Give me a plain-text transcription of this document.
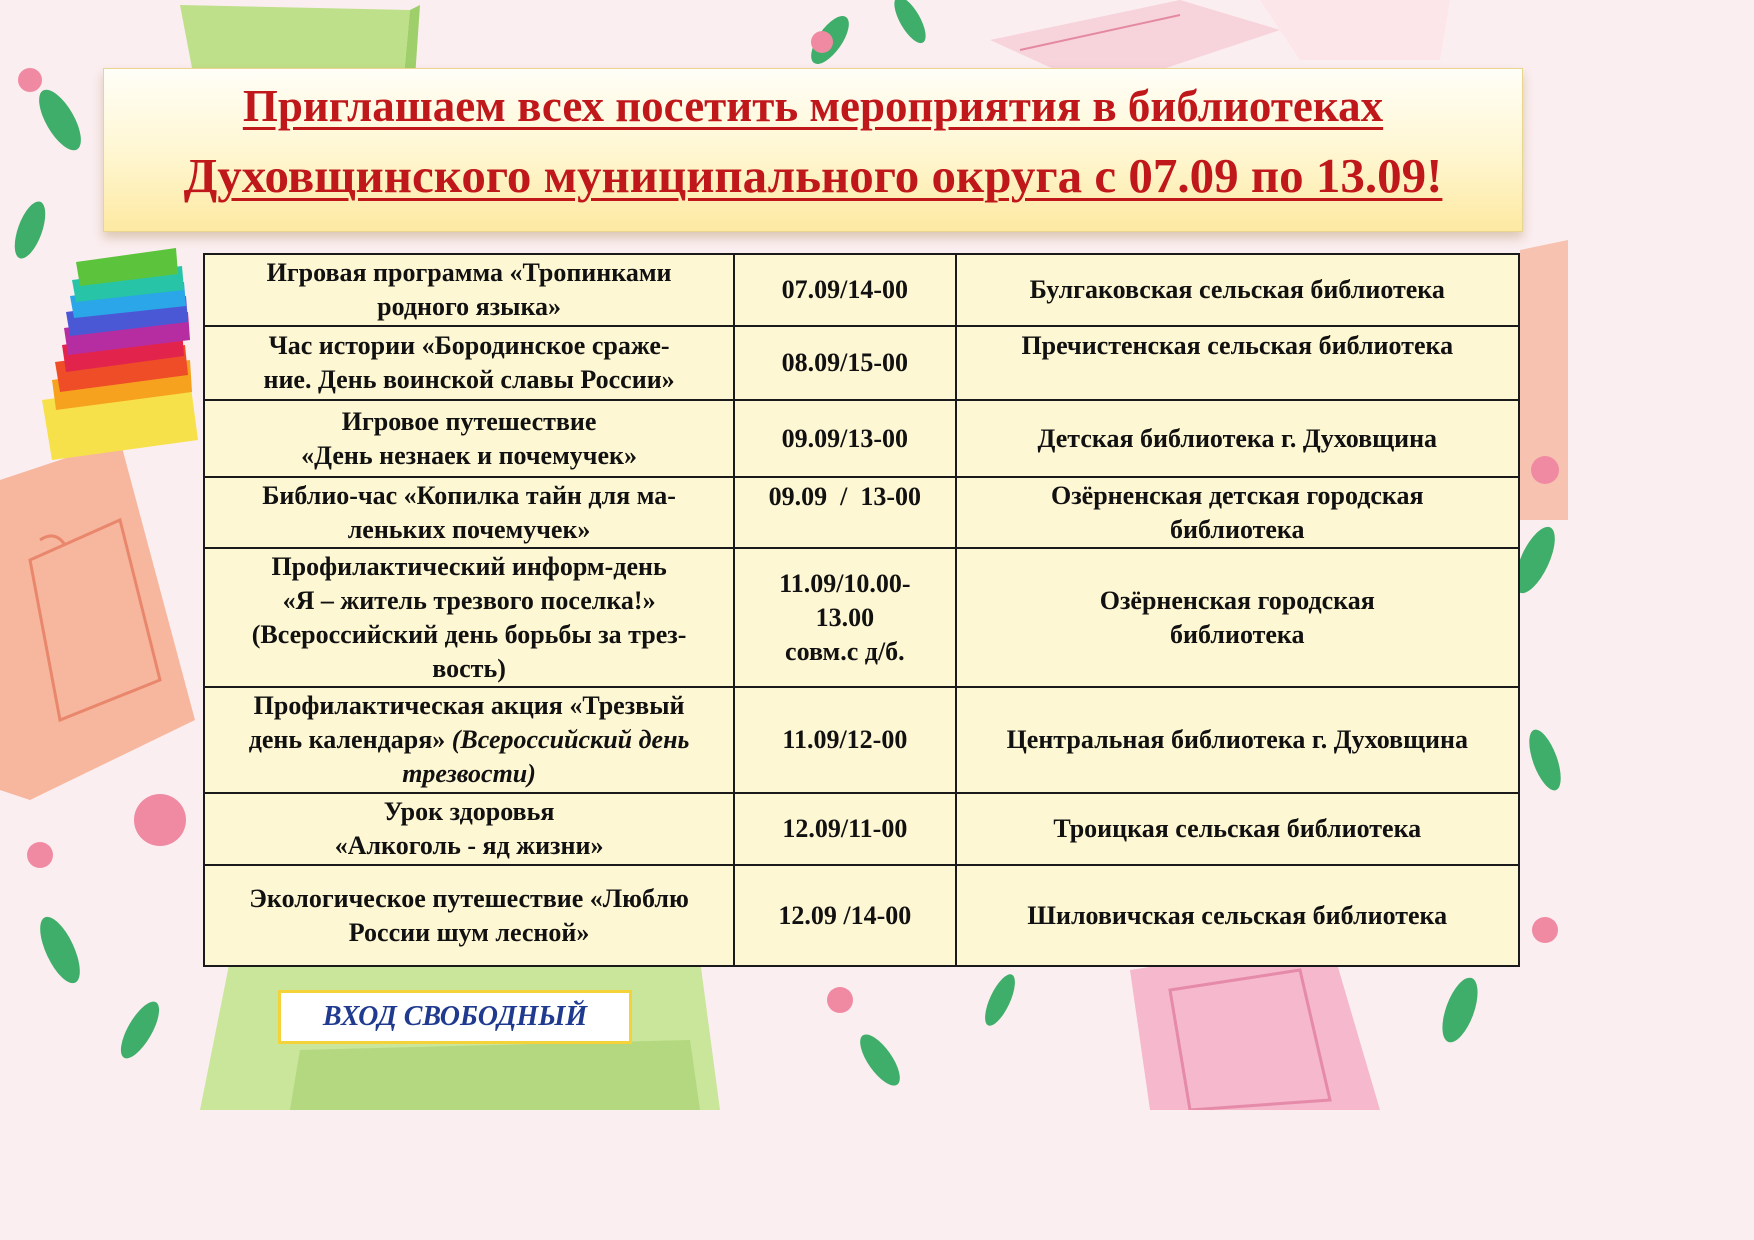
Приглашаем всех посетить мероприятия в библиотеках
Духовщинского муниципального округа с 07.09 по 13.09!
Игровая программа «Тропинками
родного языка»	07.09/14-00	Булгаковская сельская библиотека
Час истории «Бородинское сраже-
ние. День воинской славы России»	08.09/15-00	Пречистенская сельская библиотека
Игровое путешествие
«День незнаек и почемучек»	09.09/13-00	Детская библиотека г. Духовщина
Библио-час «Копилка тайн для ма-
леньких почемучек»	09.09  /  13-00	Озёрненская детская городская
библиотека
Профилактический информ-день
«Я – житель трезвого поселка!»
(Всероссийский день борьбы за трез-
вость)	11.09/10.00-
13.00
совм.с д/б.	Озёрненская городская
библиотека
Профилактическая акция «Трезвый
день календаря» (Всероссийский день
трезвости)	11.09/12-00	Центральная библиотека г. Духовщина
Урок здоровья
«Алкоголь - яд жизни»	12.09/11-00	Троицкая сельская библиотека
Экологическое путешествие «Люблю
России шум лесной»	12.09 /14-00	Шиловичская сельская библиотека
ВХОД СВОБОДНЫЙ
